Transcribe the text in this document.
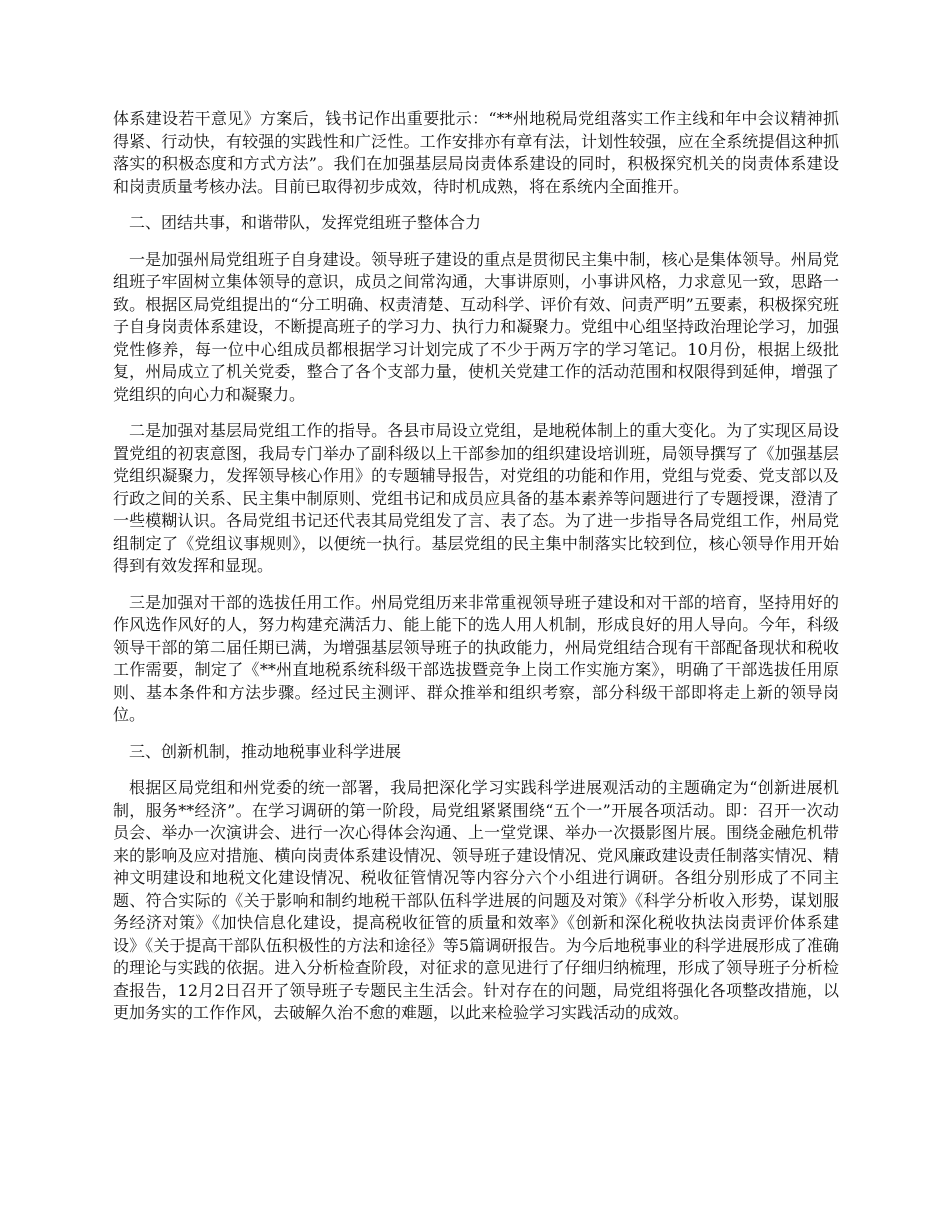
体系建设若干意见》方案后，钱书记作出重要批示：“**州地税局党组落实工作主线和年中会议精神抓得紧、行动快，有较强的实践性和广泛性。工作安排亦有章有法，计划性较强，应在全系统提倡这种抓落实的积极态度和方式方法”。我们在加强基层局岗责体系建设的同时，积极探究机关的岗责体系建设和岗责质量考核办法。目前已取得初步成效，待时机成熟，将在系统内全面推开。

二、团结共事，和谐带队，发挥党组班子整体合力

一是加强州局党组班子自身建设。领导班子建设的重点是贯彻民主集中制，核心是集体领导。州局党组班子牢固树立集体领导的意识，成员之间常沟通，大事讲原则，小事讲风格，力求意见一致，思路一致。根据区局党组提出的“分工明确、权责清楚、互动科学、评价有效、问责严明”五要素，积极探究班子自身岗责体系建设，不断提高班子的学习力、执行力和凝聚力。党组中心组坚持政治理论学习，加强党性修养，每一位中心组成员都根据学习计划完成了不少于两万字的学习笔记。10月份，根据上级批复，州局成立了机关党委，整合了各个支部力量，使机关党建工作的活动范围和权限得到延伸，增强了党组织的向心力和凝聚力。

二是加强对基层局党组工作的指导。各县市局设立党组，是地税体制上的重大变化。为了实现区局设置党组的初衷意图，我局专门举办了副科级以上干部参加的组织建设培训班，局领导撰写了《加强基层党组织凝聚力，发挥领导核心作用》的专题辅导报告，对党组的功能和作用，党组与党委、党支部以及行政之间的关系、民主集中制原则、党组书记和成员应具备的基本素养等问题进行了专题授课，澄清了一些模糊认识。各局党组书记还代表其局党组发了言、表了态。为了进一步指导各局党组工作，州局党组制定了《党组议事规则》，以便统一执行。基层党组的民主集中制落实比较到位，核心领导作用开始得到有效发挥和显现。

三是加强对干部的选拔任用工作。州局党组历来非常重视领导班子建设和对干部的培育，坚持用好的作风选作风好的人，努力构建充满活力、能上能下的选人用人机制，形成良好的用人导向。今年，科级领导干部的第二届任期已满，为增强基层领导班子的执政能力，州局党组结合现有干部配备现状和税收工作需要，制定了《**州直地税系统科级干部选拔暨竞争上岗工作实施方案》，明确了干部选拔任用原则、基本条件和方法步骤。经过民主测评、群众推举和组织考察，部分科级干部即将走上新的领导岗位。

三、创新机制，推动地税事业科学进展

根据区局党组和州党委的统一部署，我局把深化学习实践科学进展观活动的主题确定为“创新进展机制，服务**经济”。在学习调研的第一阶段，局党组紧紧围绕“五个一”开展各项活动。即：召开一次动员会、举办一次演讲会、进行一次心得体会沟通、上一堂党课、举办一次摄影图片展。围绕金融危机带来的影响及应对措施、横向岗责体系建设情况、领导班子建设情况、党风廉政建设责任制落实情况、精神文明建设和地税文化建设情况、税收征管情况等内容分六个小组进行调研。各组分别形成了不同主题、符合实际的《关于影响和制约地税干部队伍科学进展的问题及对策》《科学分析收入形势，谋划服务经济对策》《加快信息化建设，提高税收征管的质量和效率》《创新和深化税收执法岗责评价体系建设》《关于提高干部队伍积极性的方法和途径》等5篇调研报告。为今后地税事业的科学进展形成了准确的理论与实践的依据。进入分析检查阶段，对征求的意见进行了仔细归纳梳理，形成了领导班子分析检查报告，12月2日召开了领导班子专题民主生活会。针对存在的问题，局党组将强化各项整改措施，以更加务实的工作作风，去破解久治不愈的难题，以此来检验学习实践活动的成效。
